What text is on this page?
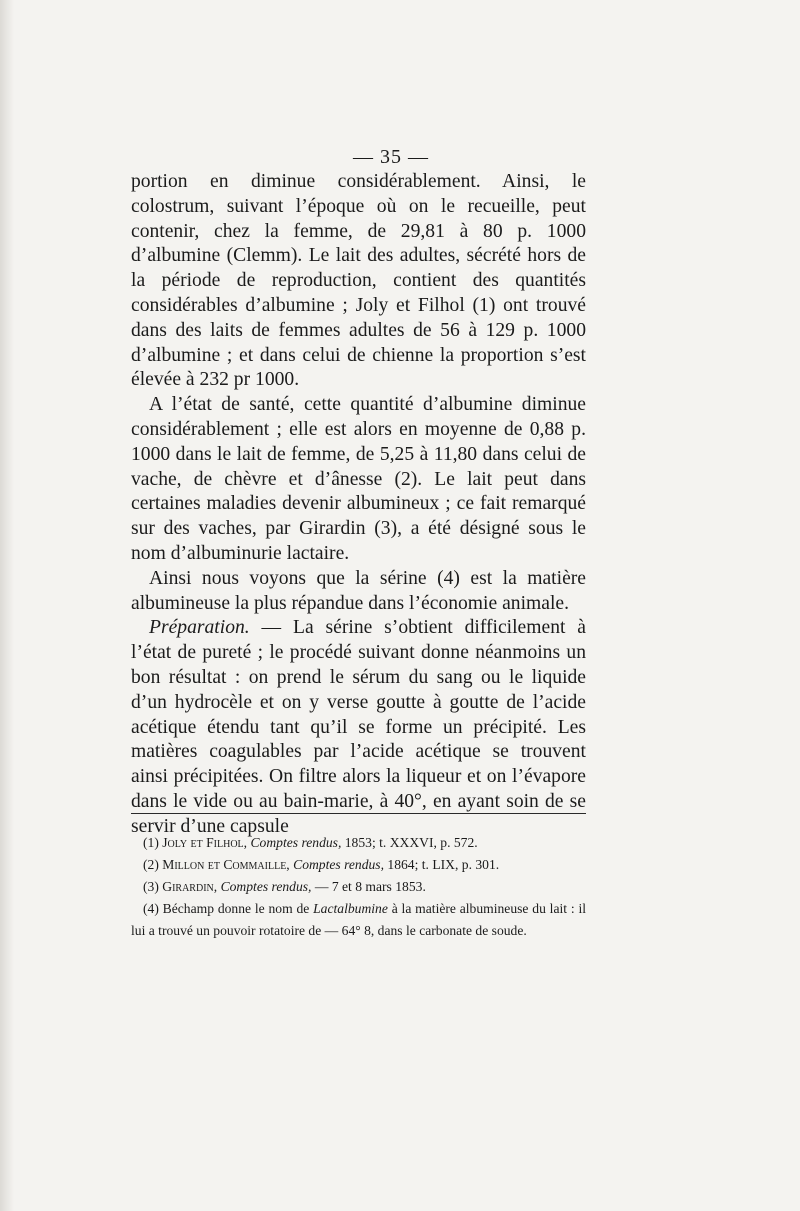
— 35 —

portion en diminue considérablement. Ainsi, le colostrum, suivant l’époque où on le recueille, peut contenir, chez la femme, de 29,81 à 80 p. 1000 d’albumine (Clemm). Le lait des adultes, sécrété hors de la période de reproduction, contient des quantités considérables d’albumine ; Joly et Filhol (1) ont trouvé dans des laits de femmes adultes de 56 à 129 p. 1000 d’albumine ; et dans celui de chienne la proportion s’est élevée à 232 pr 1000.

A l’état de santé, cette quantité d’albumine diminue considérablement ; elle est alors en moyenne de 0,88 p. 1000 dans le lait de femme, de 5,25 à 11,80 dans celui de vache, de chèvre et d’ânesse (2). Le lait peut dans certaines maladies devenir albumineux ; ce fait remarqué sur des vaches, par Girardin (3), a été désigné sous le nom d’albuminurie lactaire.

Ainsi nous voyons que la sérine (4) est la matière albumineuse la plus répandue dans l’économie animale.

Préparation. — La sérine s’obtient difficilement à l’état de pureté ; le procédé suivant donne néanmoins un bon résultat : on prend le sérum du sang ou le liquide d’un hydrocèle et on y verse goutte à goutte de l’acide acétique étendu tant qu’il se forme un précipité. Les matières coagulables par l’acide acétique se trouvent ainsi précipitées. On filtre alors la liqueur et on l’évapore dans le vide ou au bain-marie, à 40°, en ayant soin de se servir d’une capsule

(1) Joly et Filhol, Comptes rendus, 1853; t. XXXVI, p. 572.

(2) Millon et Commaille, Comptes rendus, 1864; t. LIX, p. 301.

(3) Girardin, Comptes rendus, — 7 et 8 mars 1853.

(4) Béchamp donne le nom de Lactalbumine à la matière albumineuse du lait : il lui a trouvé un pouvoir rotatoire de — 64° 8, dans le carbonate de soude.
